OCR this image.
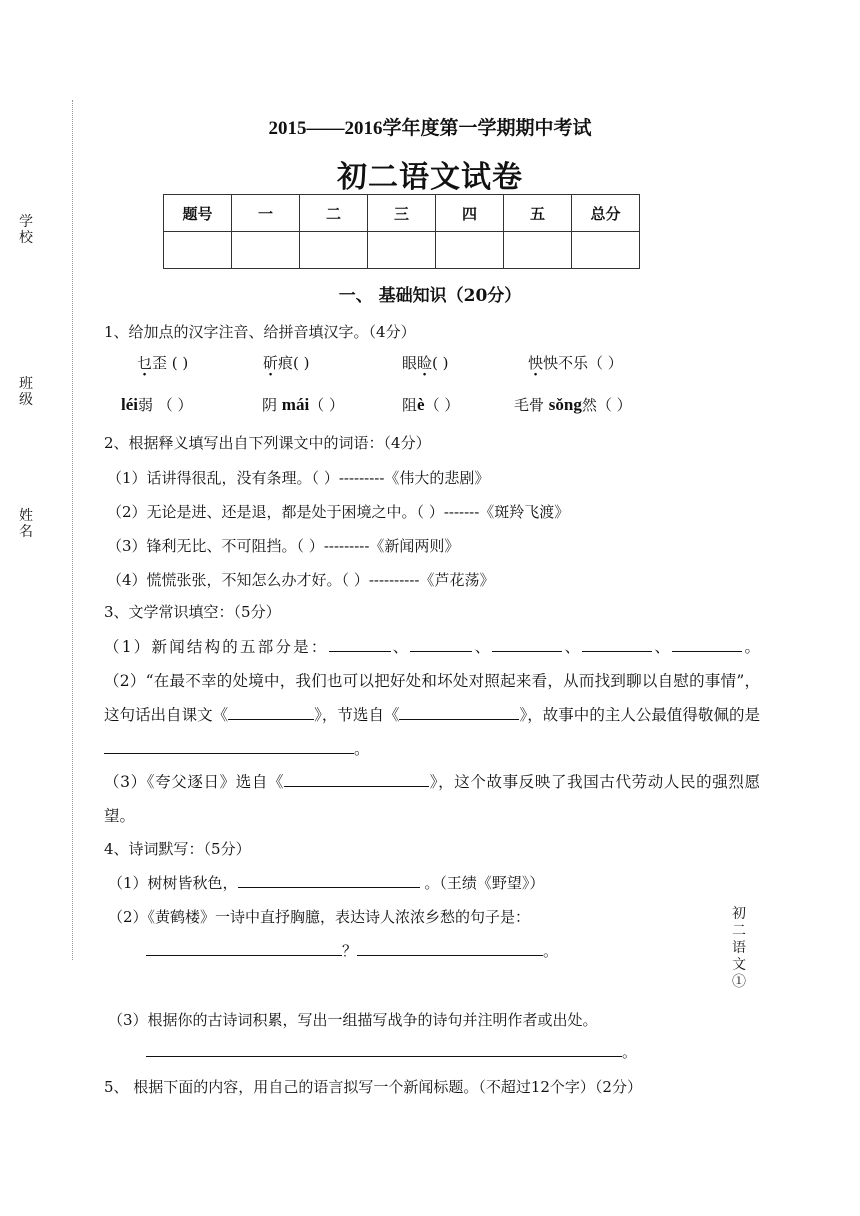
学校
班级
姓名
2015——2016学年度第一学期期中考试
初二语文试卷
题号	一	二	三	四	五	总分

一、 基础知识（20分）
1、给加点的汉字注音、给拼音填汉字。（4分）
乜歪 ( )	斫痕( )	眼睑( )	怏怏不乐（ ）
léi弱 （ ）	阴 mái（ ）	阻è（ ）	毛骨 sǒng然（ ）
2、根据释义填写出自下列课文中的词语：（4分）
（1）话讲得很乱，没有条理。（ ）---------《伟大的悲剧》
（2）无论是进、还是退，都是处于困境之中。（ ）-------《斑羚飞渡》
（3）锋利无比、不可阻挡。（ ）---------《新闻两则》
（4）慌慌张张，不知怎么办才好。（ ）----------《芦花荡》
3、文学常识填空：（5分）
（1）新闻结构的五部分是：	、	、	、	、	。（2）“在最不幸的处境中，我们也可以把好处和坏处对照起来看，从而找到聊以自慰的事情”，这句话出自课文《	》，节选自《	》，故事中的主人公最值得敬佩的是。
（3）《夸父逐日》选自《	》，这个故事反映了我国古代劳动人民的强烈愿望。
4、诗词默写：（5分）
（1）树树皆秋色，	。（王绩《野望》）
（2）《黄鹤楼》一诗中直抒胸臆，表达诗人浓浓乡愁的句子是：
？	。
（3）根据你的古诗词积累，写出一组描写战争的诗句并注明作者或出处。
。
初二语文①
5、 根据下面的内容，用自己的语言拟写一个新闻标题。（不超过12个字）（2分）
